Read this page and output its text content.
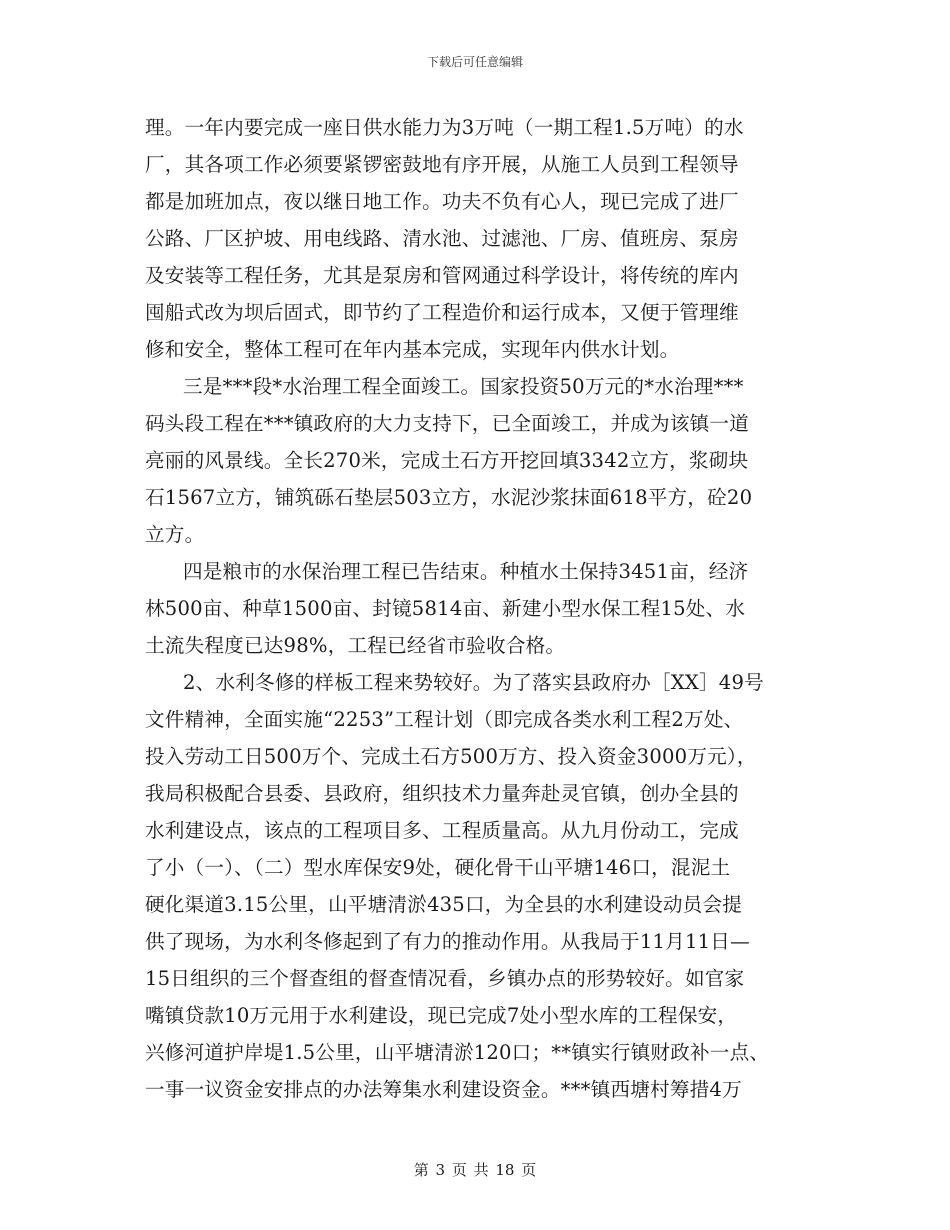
下载后可任意编辑
理。一年内要完成一座日供水能力为3万吨（一期工程1.5万吨）的水
厂，其各项工作必须要紧锣密鼓地有序开展，从施工人员到工程领导
都是加班加点，夜以继日地工作。功夫不负有心人，现已完成了进厂
公路、厂区护坡、用电线路、清水池、过滤池、厂房、值班房、泵房
及安装等工程任务，尤其是泵房和管网通过科学设计，将传统的库内
囤船式改为坝后固式，即节约了工程造价和运行成本，又便于管理维
修和安全，整体工程可在年内基本完成，实现年内供水计划。
三是***段*水治理工程全面竣工。国家投资50万元的*水治理***
码头段工程在***镇政府的大力支持下，已全面竣工，并成为该镇一道
亮丽的风景线。全长270米，完成土石方开挖回填3342立方，浆砌块
石1567立方，铺筑砾石垫层503立方，水泥沙浆抹面618平方，砼20
立方。
四是粮市的水保治理工程已告结束。种植水土保持3451亩，经济
林500亩、种草1500亩、封镜5814亩、新建小型水保工程15处、水
土流失程度已达98%，工程已经省市验收合格。
2、水利冬修的样板工程来势较好。为了落实县政府办［XX］49号
文件精神，全面实施“2253”工程计划（即完成各类水利工程2万处、
投入劳动工日500万个、完成土石方500万方、投入资金3000万元），
我局积极配合县委、县政府，组织技术力量奔赴灵官镇，创办全县的
水利建设点，该点的工程项目多、工程质量高。从九月份动工，完成
了小（一）、（二）型水库保安9处，硬化骨干山平塘146口，混泥土
硬化渠道3.15公里，山平塘清淤435口，为全县的水利建设动员会提
供了现场，为水利冬修起到了有力的推动作用。从我局于11月11日—
15日组织的三个督查组的督查情况看，乡镇办点的形势较好。如官家
嘴镇贷款10万元用于水利建设，现已完成7处小型水库的工程保安，
兴修河道护岸堤1.5公里，山平塘清淤120口；**镇实行镇财政补一点、
一事一议资金安排点的办法筹集水利建设资金。***镇西塘村筹措4万
第 3 页 共 18 页
